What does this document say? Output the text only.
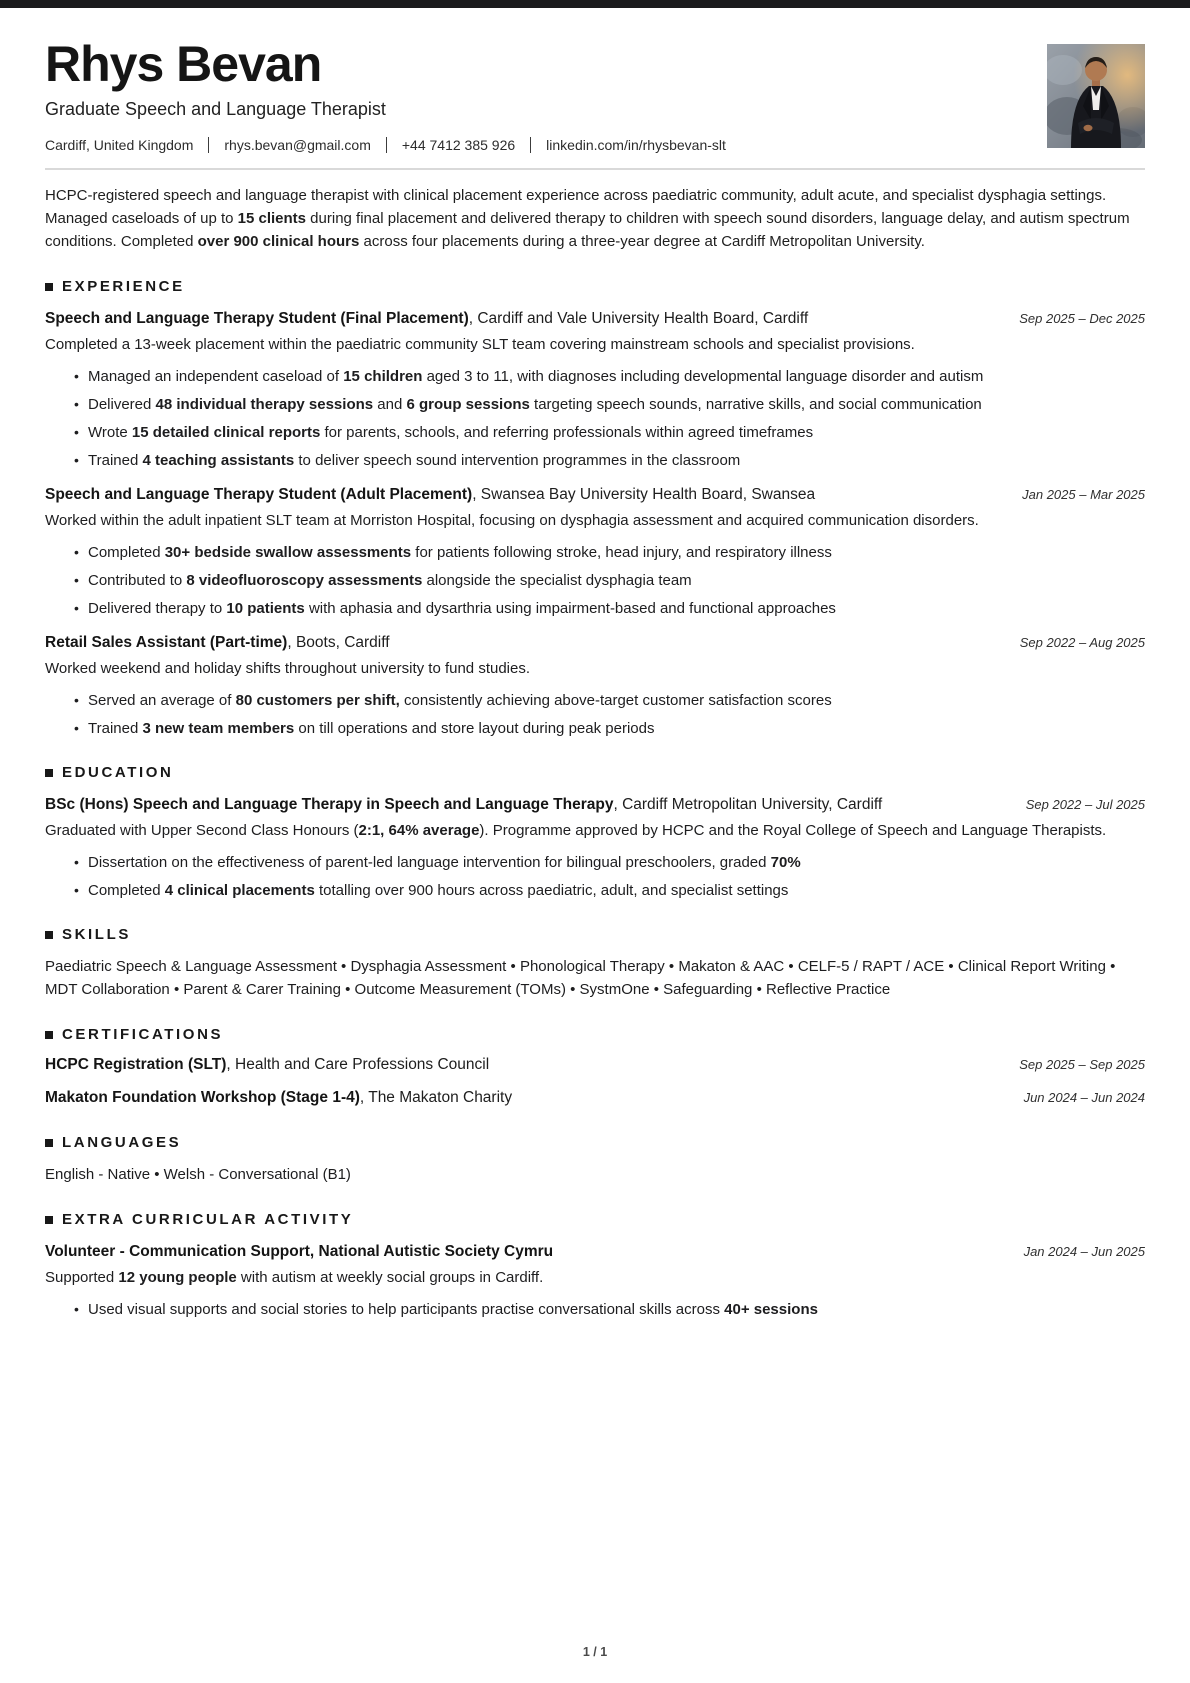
Rhys Bevan
Graduate Speech and Language Therapist
Cardiff, United Kingdom rhys.bevan@gmail.com +44 7412 385 926 linkedin.com/in/rhysbevan-slt
HCPC-registered speech and language therapist with clinical placement experience across paediatric community, adult acute, and specialist dysphagia settings. Managed caseloads of up to 15 clients during final placement and delivered therapy to children with speech sound disorders, language delay, and autism spectrum conditions. Completed over 900 clinical hours across four placements during a three-year degree at Cardiff Metropolitan University.
EXPERIENCE
Speech and Language Therapy Student (Final Placement), Cardiff and Vale University Health Board, Cardiff	Sep 2025 – Dec 2025
Completed a 13-week placement within the paediatric community SLT team covering mainstream schools and specialist provisions.
• Managed an independent caseload of 15 children aged 3 to 11, with diagnoses including developmental language disorder and autism
• Delivered 48 individual therapy sessions and 6 group sessions targeting speech sounds, narrative skills, and social communication
• Wrote 15 detailed clinical reports for parents, schools, and referring professionals within agreed timeframes
• Trained 4 teaching assistants to deliver speech sound intervention programmes in the classroom
Speech and Language Therapy Student (Adult Placement), Swansea Bay University Health Board, Swansea	Jan 2025 – Mar 2025
Worked within the adult inpatient SLT team at Morriston Hospital, focusing on dysphagia assessment and acquired communication disorders.
• Completed 30+ bedside swallow assessments for patients following stroke, head injury, and respiratory illness
• Contributed to 8 videofluoroscopy assessments alongside the specialist dysphagia team
• Delivered therapy to 10 patients with aphasia and dysarthria using impairment-based and functional approaches
Retail Sales Assistant (Part-time), Boots, Cardiff	Sep 2022 – Aug 2025
Worked weekend and holiday shifts throughout university to fund studies.
• Served an average of 80 customers per shift, consistently achieving above-target customer satisfaction scores
• Trained 3 new team members on till operations and store layout during peak periods
EDUCATION
BSc (Hons) Speech and Language Therapy in Speech and Language Therapy, Cardiff Metropolitan University, Cardiff	Sep 2022 – Jul 2025
Graduated with Upper Second Class Honours (2:1, 64% average). Programme approved by HCPC and the Royal College of Speech and Language Therapists.
• Dissertation on the effectiveness of parent-led language intervention for bilingual preschoolers, graded 70%
• Completed 4 clinical placements totalling over 900 hours across paediatric, adult, and specialist settings
SKILLS
Paediatric Speech & Language Assessment • Dysphagia Assessment • Phonological Therapy • Makaton & AAC • CELF-5 / RAPT / ACE • Clinical Report Writing • MDT Collaboration • Parent & Carer Training • Outcome Measurement (TOMs) • SystmOne • Safeguarding • Reflective Practice
CERTIFICATIONS
HCPC Registration (SLT), Health and Care Professions Council	Sep 2025 – Sep 2025
Makaton Foundation Workshop (Stage 1-4), The Makaton Charity	Jun 2024 – Jun 2024
LANGUAGES
English - Native • Welsh - Conversational (B1)
EXTRA CURRICULAR ACTIVITY
Volunteer - Communication Support, National Autistic Society Cymru	Jan 2024 – Jun 2025
Supported 12 young people with autism at weekly social groups in Cardiff.
• Used visual supports and social stories to help participants practise conversational skills across 40+ sessions
1 / 1
